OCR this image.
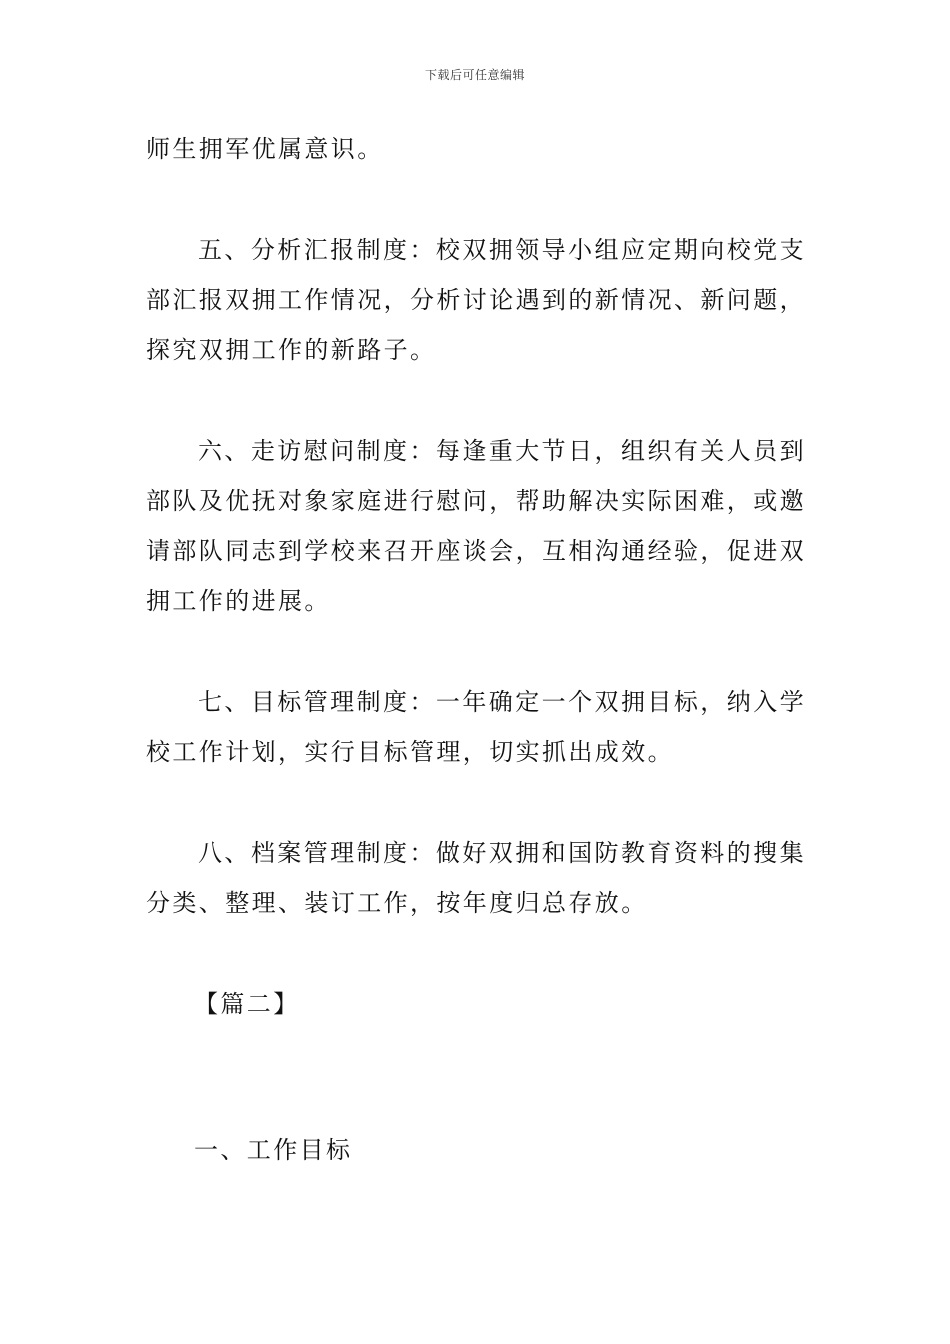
下载后可任意编辑

师生拥军优属意识。

五、分析汇报制度：校双拥领导小组应定期向校党支部汇报双拥工作情况，分析讨论遇到的新情况、新问题，探究双拥工作的新路子。

六、走访慰问制度：每逢重大节日，组织有关人员到部队及优抚对象家庭进行慰问，帮助解决实际困难，或邀请部队同志到学校来召开座谈会，互相沟通经验，促进双拥工作的进展。

七、目标管理制度：一年确定一个双拥目标，纳入学校工作计划，实行目标管理，切实抓出成效。

八、档案管理制度：做好双拥和国防教育资料的搜集分类、整理、装订工作，按年度归总存放。

【篇二】

一、工作目标
